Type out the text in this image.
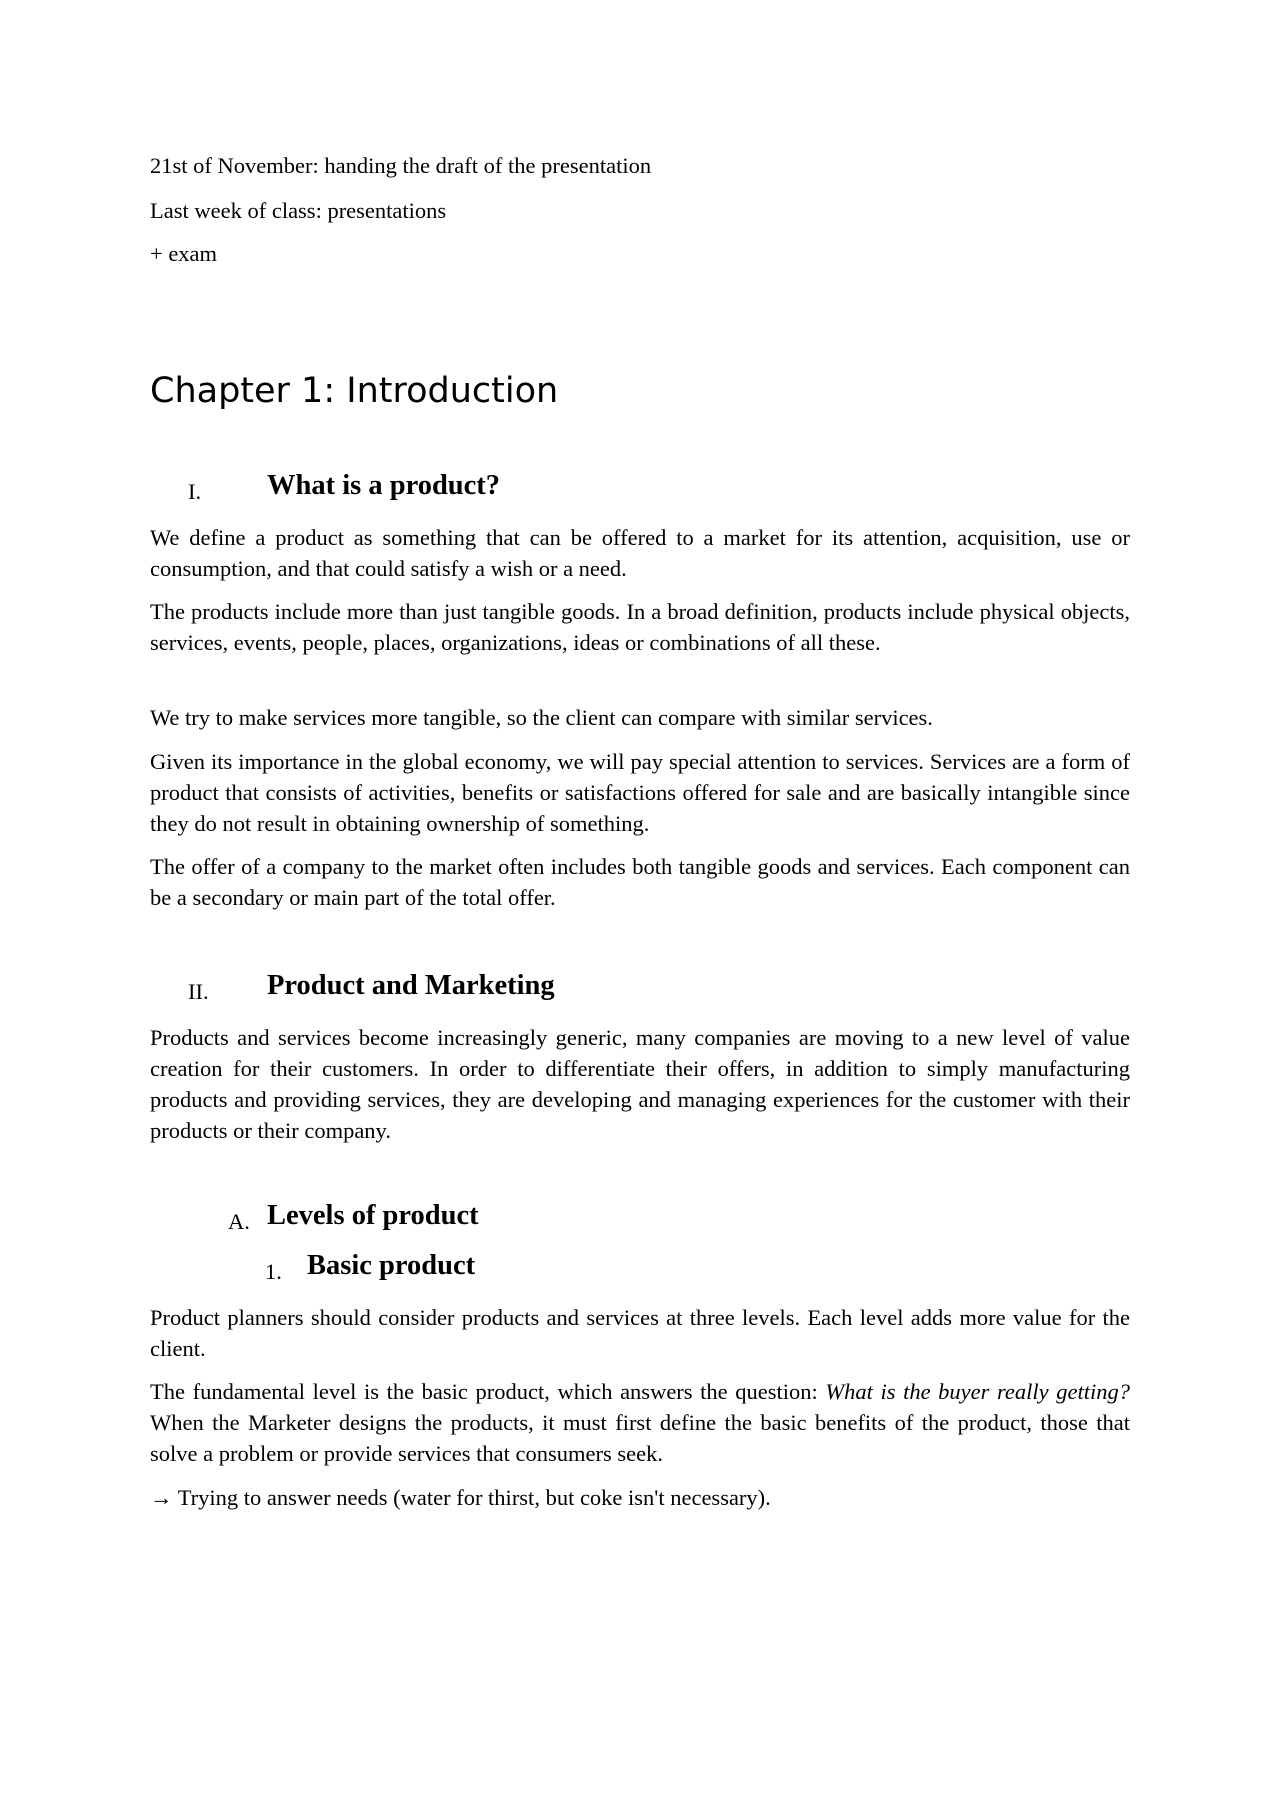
21st of November: handing the draft of the presentation

Last week of class: presentations

+ exam

Chapter 1: Introduction
I. What is a product?

We define a product as something that can be offered to a market for its attention, acquisition, use or consumption, and that could satisfy a wish or a need.

The products include more than just tangible goods. In a broad definition, products include physical objects, services, events, people, places, organizations, ideas or combinations of all these.

We try to make services more tangible, so the client can compare with similar services.

Given its importance in the global economy, we will pay special attention to services. Services are a form of product that consists of activities, benefits or satisfactions offered for sale and are basically intangible since they do not result in obtaining ownership of something.

The offer of a company to the market often includes both tangible goods and services. Each component can be a secondary or main part of the total offer.

II. Product and Marketing

Products and services become increasingly generic, many companies are moving to a new level of value creation for their customers. In order to differentiate their offers, in addition to simply manufacturing products and providing services, they are developing and managing experiences for the customer with their products or their company.

A. Levels of product
1. Basic product

Product planners should consider products and services at three levels. Each level adds more value for the client.

The fundamental level is the basic product, which answers the question: What is the buyer really getting? When the Marketer designs the products, it must first define the basic benefits of the product, those that solve a problem or provide services that consumers seek.

→ Trying to answer needs (water for thirst, but coke isn't necessary).
